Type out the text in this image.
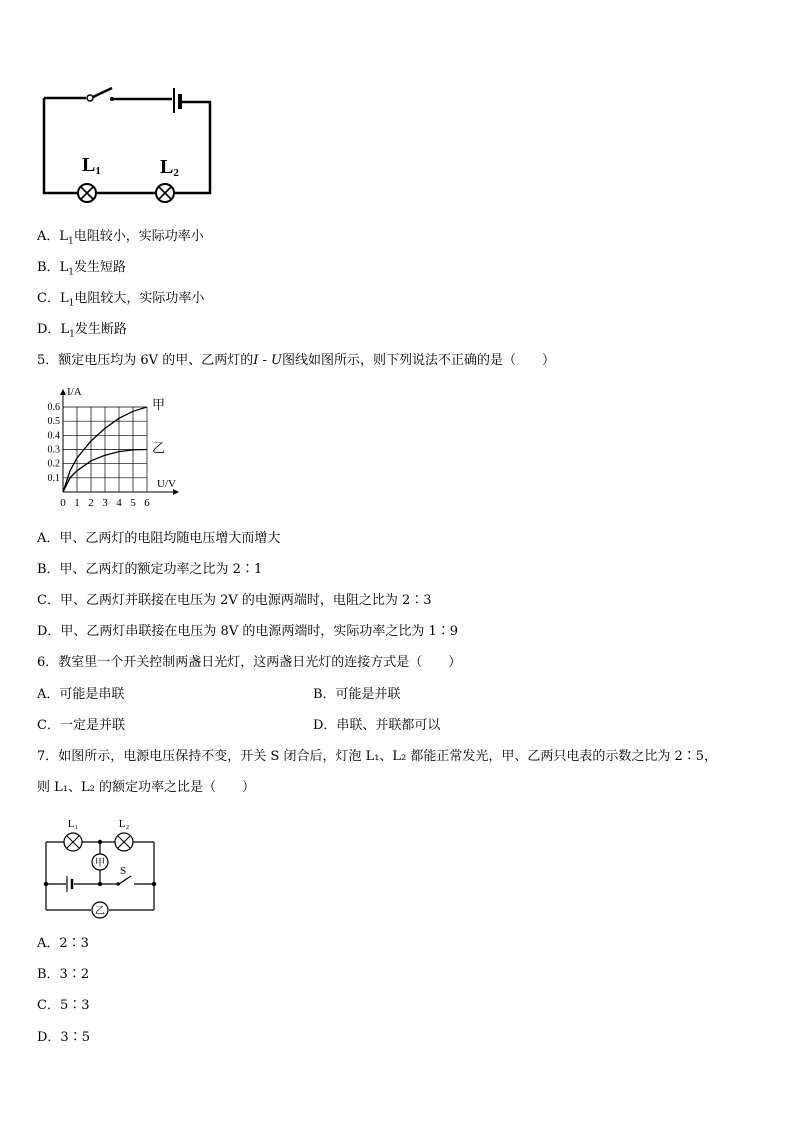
L1	L2
A．$L_1$电阻较小，实际功率小
B．$L_1$发生短路
C．$L_1$电阻较大，实际功率小
D．$L_1$发生断路
5．额定电压均为 6V 的甲、乙两灯的I - U图线如图所示，则下列说法不正确的是（　　）
0 1 2 3 4 5 6
0.1
0.2
0.3
0.4
0.5
0.6
I/A
U/V
甲
乙
A．甲、乙两灯的电阻均随电压增大而增大
B．甲、乙两灯的额定功率之比为 2∶1
C．甲、乙两灯并联接在电压为 2V 的电源两端时，电阻之比为 2∶3
D．甲、乙两灯串联接在电压为 8V 的电源两端时，实际功率之比为 1∶9
6．教室里一个开关控制两盏日光灯，这两盏日光灯的连接方式是（　　）
A．可能是串联	B．可能是并联
C．一定是并联	D．串联、并联都可以
7．如图所示，电源电压保持不变，开关 S 闭合后，灯泡 L₁、L₂ 都能正常发光，甲、乙两只电表的示数之比为 2∶5，
则 L₁、L₂ 的额定功率之比是（　　）
甲
乙
L₁	L₂
S
A．2∶3
B．3∶2
C．5∶3
D．3∶5
